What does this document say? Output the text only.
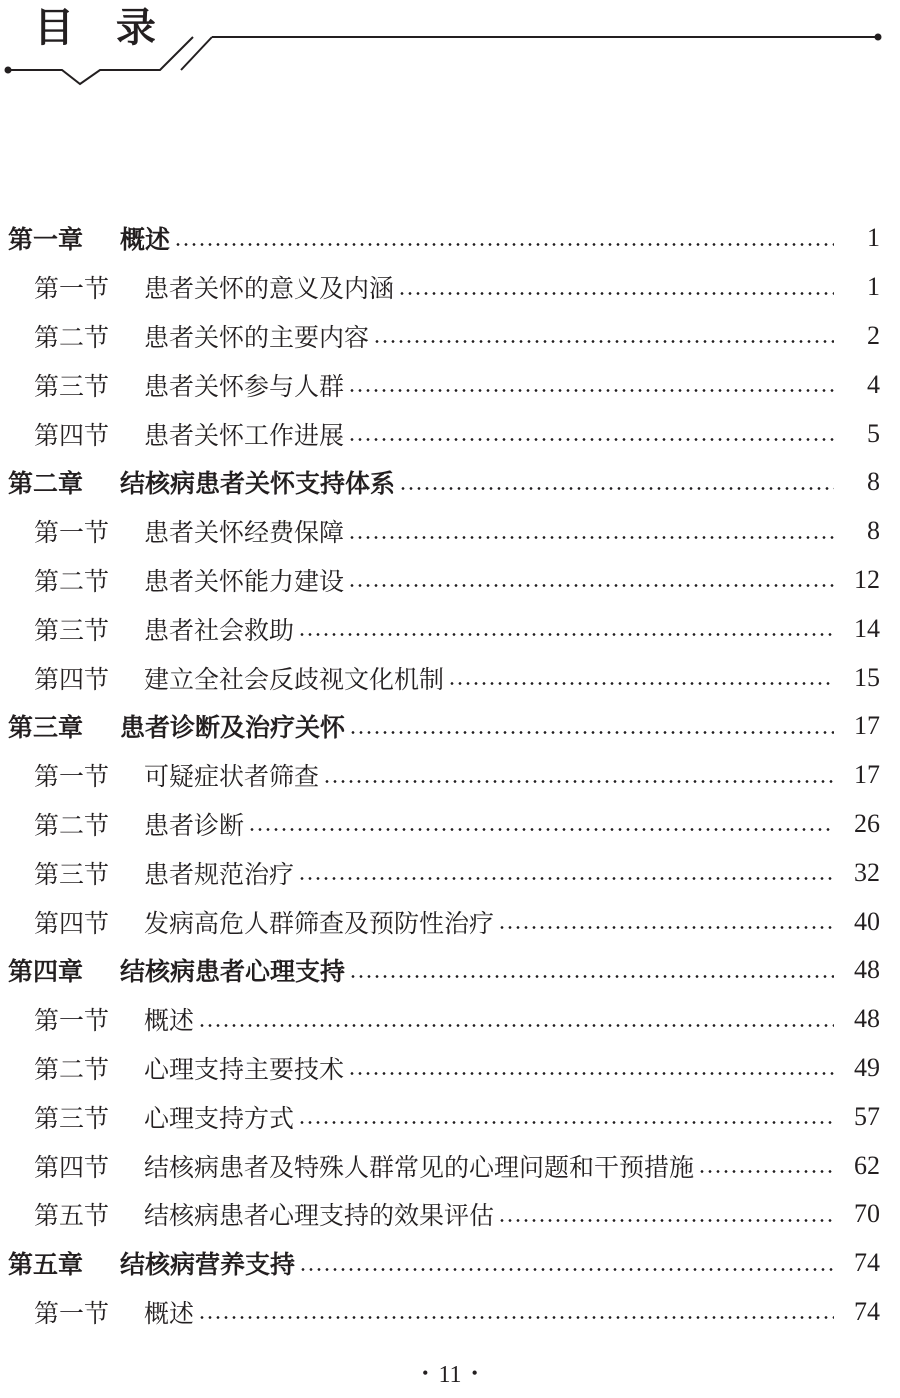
目 录
第一章	概述	1
第一节	患者关怀的意义及内涵	1
第二节	患者关怀的主要内容	2
第三节	患者关怀参与人群	4
第四节	患者关怀工作进展	5
第二章	结核病患者关怀支持体系	8
第一节	患者关怀经费保障	8
第二节	患者关怀能力建设	12
第三节	患者社会救助	14
第四节	建立全社会反歧视文化机制	15
第三章	患者诊断及治疗关怀	17
第一节	可疑症状者筛查	17
第二节	患者诊断	26
第三节	患者规范治疗	32
第四节	发病高危人群筛查及预防性治疗	40
第四章	结核病患者心理支持	48
第一节	概述	48
第二节	心理支持主要技术	49
第三节	心理支持方式	57
第四节	结核病患者及特殊人群常见的心理问题和干预措施	62
第五节	结核病患者心理支持的效果评估	70
第五章	结核病营养支持	74
第一节	概述	74
• 11 •
